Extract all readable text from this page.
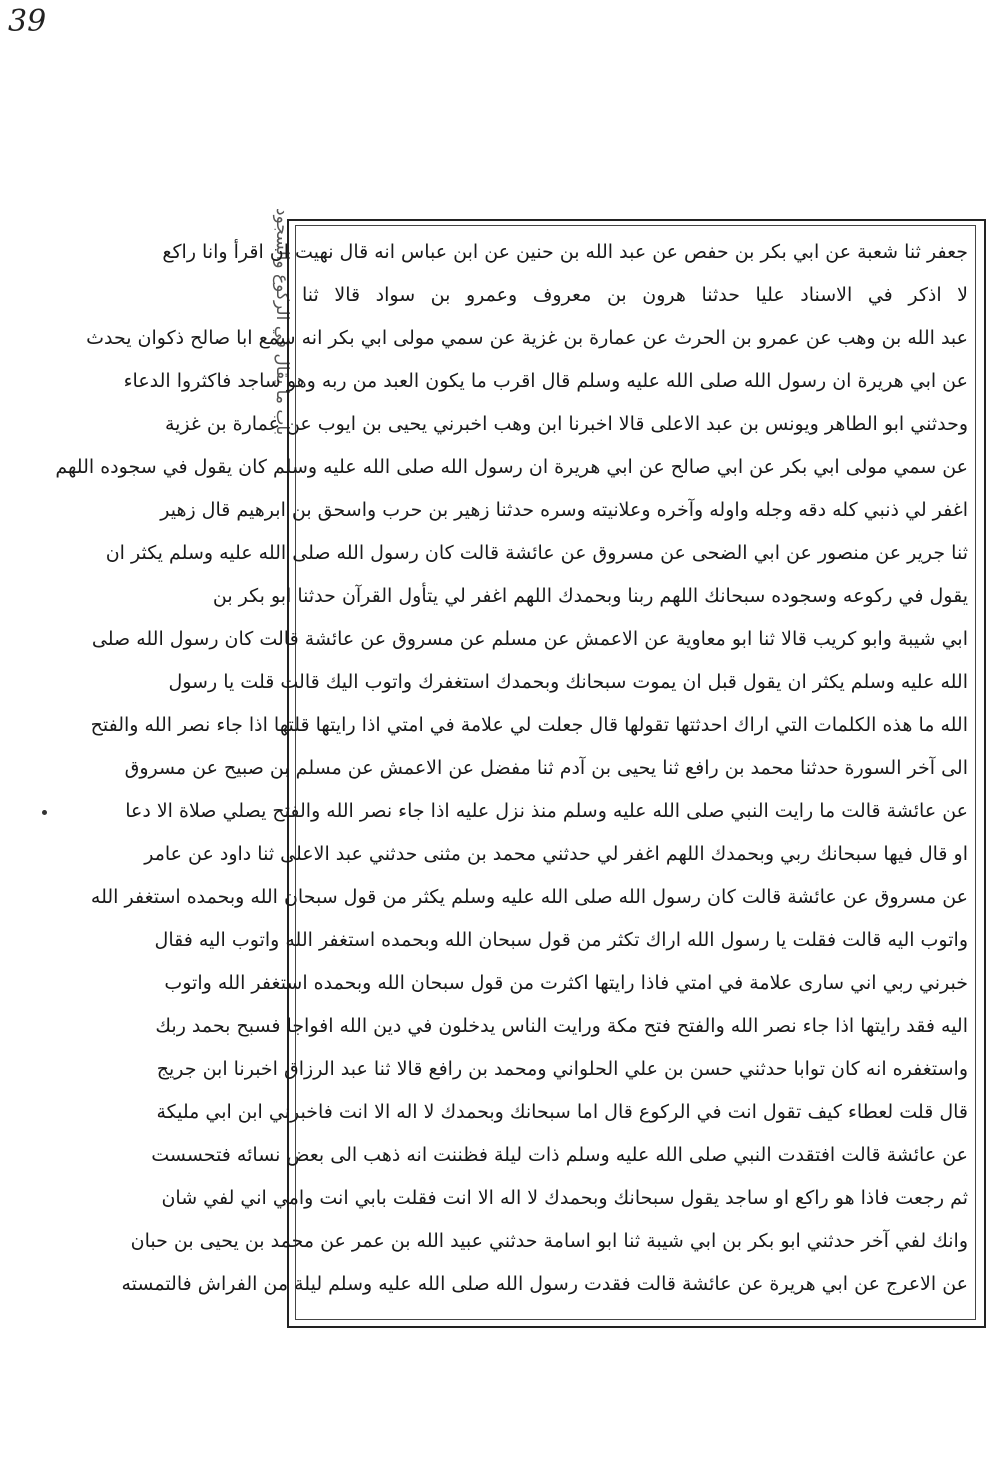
39
باب ما يقال في الركوع والسجود
جعفر ثنا شعبة عن ابي بكر بن حفص عن عبد الله بن حنين عن ابن عباس انه قال نهيت ان اقرأ وانا راكع
لا اذكر في الاسناد عليا حدثنا هرون بن معروف وعمرو بن سواد قالا ثنا
عبد الله بن وهب عن عمرو بن الحرث عن عمارة بن غزية عن سمي مولى ابي بكر انه سمع ابا صالح ذكوان يحدث
عن ابي هريرة ان رسول الله صلى الله عليه وسلم قال اقرب ما يكون العبد من ربه وهو ساجد فاكثروا الدعاء
وحدثني ابو الطاهر ويونس بن عبد الاعلى قالا اخبرنا ابن وهب اخبرني يحيى بن ايوب عن عمارة بن غزية
عن سمي مولى ابي بكر عن ابي صالح عن ابي هريرة ان رسول الله صلى الله عليه وسلم كان يقول في سجوده اللهم
اغفر لي ذنبي كله دقه وجله واوله وآخره وعلانيته وسره حدثنا زهير بن حرب واسحق بن ابرهيم قال زهير
ثنا جرير عن منصور عن ابي الضحى عن مسروق عن عائشة قالت كان رسول الله صلى الله عليه وسلم يكثر ان
يقول في ركوعه وسجوده سبحانك اللهم ربنا وبحمدك اللهم اغفر لي يتأول القرآن حدثنا ابو بكر بن
ابي شيبة وابو كريب قالا ثنا ابو معاوية عن الاعمش عن مسلم عن مسروق عن عائشة قالت كان رسول الله صلى
الله عليه وسلم يكثر ان يقول قبل ان يموت سبحانك وبحمدك استغفرك واتوب اليك قالت قلت يا رسول
الله ما هذه الكلمات التي اراك احدثتها تقولها قال جعلت لي علامة في امتي اذا رايتها قلتها اذا جاء نصر الله والفتح
الى آخر السورة حدثنا محمد بن رافع ثنا يحيى بن آدم ثنا مفضل عن الاعمش عن مسلم بن صبيح عن مسروق
عن عائشة قالت ما رايت النبي صلى الله عليه وسلم منذ نزل عليه اذا جاء نصر الله والفتح يصلي صلاة الا دعا
او قال فيها سبحانك ربي وبحمدك اللهم اغفر لي حدثني محمد بن مثنى حدثني عبد الاعلى ثنا داود عن عامر
عن مسروق عن عائشة قالت كان رسول الله صلى الله عليه وسلم يكثر من قول سبحان الله وبحمده استغفر الله
واتوب اليه قالت فقلت يا رسول الله اراك تكثر من قول سبحان الله وبحمده استغفر الله واتوب اليه فقال
خبرني ربي اني سارى علامة في امتي فاذا رايتها اكثرت من قول سبحان الله وبحمده استغفر الله واتوب
اليه فقد رايتها اذا جاء نصر الله والفتح فتح مكة ورايت الناس يدخلون في دين الله افواجا فسبح بحمد ربك
واستغفره انه كان توابا حدثني حسن بن علي الحلواني ومحمد بن رافع قالا ثنا عبد الرزاق اخبرنا ابن جريج
قال قلت لعطاء كيف تقول انت في الركوع قال اما سبحانك وبحمدك لا اله الا انت فاخبرني ابن ابي مليكة
عن عائشة قالت افتقدت النبي صلى الله عليه وسلم ذات ليلة فظننت انه ذهب الى بعض نسائه فتحسست
ثم رجعت فاذا هو راكع او ساجد يقول سبحانك وبحمدك لا اله الا انت فقلت بابي انت وامي اني لفي شان
وانك لفي آخر حدثني ابو بكر بن ابي شيبة ثنا ابو اسامة حدثني عبيد الله بن عمر عن محمد بن يحيى بن حبان
عن الاعرج عن ابي هريرة عن عائشة قالت فقدت رسول الله صلى الله عليه وسلم ليلة من الفراش فالتمسته
